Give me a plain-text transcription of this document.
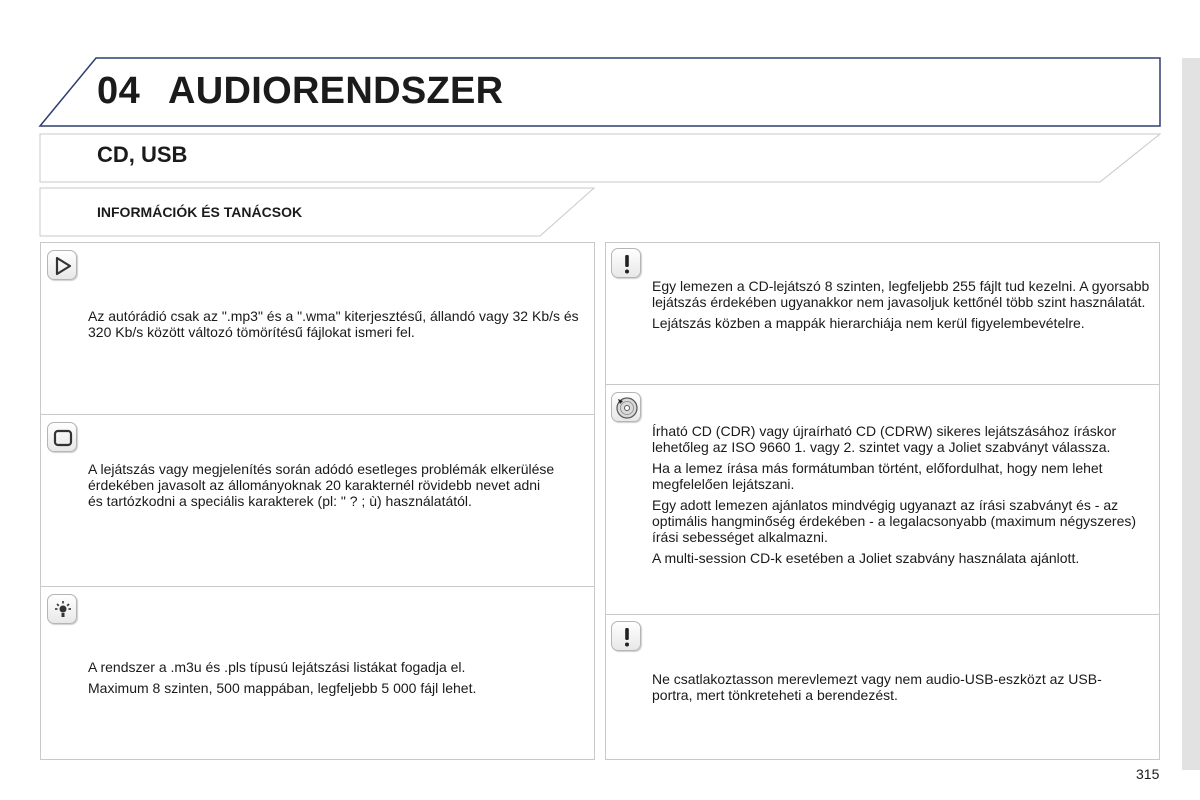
04 AUDIORENDSZER
CD, USB
INFORMÁCIÓK ÉS TANÁCSOK

Az autórádió csak az ".mp3" és a ".wma" kiterjesztésű, állandó vagy 32 Kb/s és 320 Kb/s között változó tömörítésű fájlokat ismeri fel.

A lejátszás vagy megjelenítés során adódó esetleges problémák elkerülése érdekében javasolt az állományoknak 20 karakternél rövidebb nevet adni és tartózkodni a speciális karakterek (pl: " ? ; ù) használatától.

A rendszer a .m3u és .pls típusú lejátszási listákat fogadja el.

Maximum 8 szinten, 500 mappában, legfeljebb 5 000 fájl lehet.

Egy lemezen a CD-lejátszó 8 szinten, legfeljebb 255 fájlt tud kezelni. A gyorsabb lejátszás érdekében ugyanakkor nem javasoljuk kettőnél több szint használatát.

Lejátszás közben a mappák hierarchiája nem kerül figyelembevételre.

Írható CD (CDR) vagy újraírható CD (CDRW) sikeres lejátszásához íráskor lehetőleg az ISO 9660 1. vagy 2. szintet vagy a Joliet szabványt válassza.

Ha a lemez írása más formátumban történt, előfordulhat, hogy nem lehet megfelelően lejátszani.

Egy adott lemezen ajánlatos mindvégig ugyanazt az írási szabványt és - az optimális hangminőség érdekében - a legalacsonyabb (maximum négyszeres) írási sebességet alkalmazni.

A multi-session CD-k esetében a Joliet szabvány használata ajánlott.

Ne csatlakoztasson merevlemezt vagy nem audio-USB-eszközt az USB-portra, mert tönkreteheti a berendezést.

315
